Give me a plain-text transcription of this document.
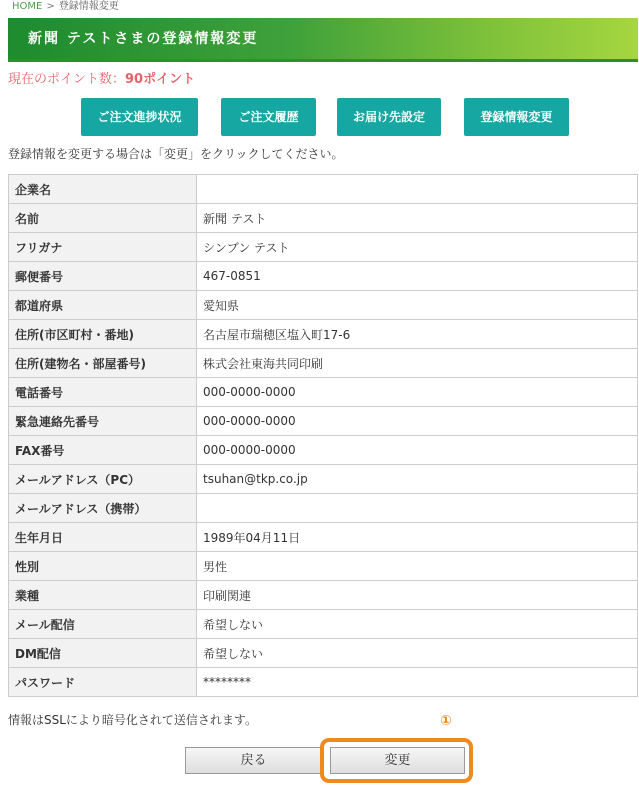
HOME > 登録情報変更
新聞 テストさまの登録情報変更
現在のポイント数：90ポイント
ご注文進捗状況	ご注文履歴	お届け先設定	登録情報変更

登録情報を変更する場合は「変更」をクリックしてください。

企業名	
名前	新聞 テスト
フリガナ	シンブン テスト
郵便番号	467-0851
都道府県	愛知県
住所(市区町村・番地)	名古屋市瑞穂区塩入町17-6
住所(建物名・部屋番号)	株式会社東海共同印刷
電話番号	000-0000-0000
緊急連絡先番号	000-0000-0000
FAX番号	000-0000-0000
メールアドレス（PC）	tsuhan@tkp.co.jp
メールアドレス（携帯）	
生年月日	1989年04月11日
性別	男性
業種	印刷関連
メール配信	希望しない
DM配信	希望しない
パスワード	********

情報はSSLにより暗号化されて送信されます。	①
戻る	変更
